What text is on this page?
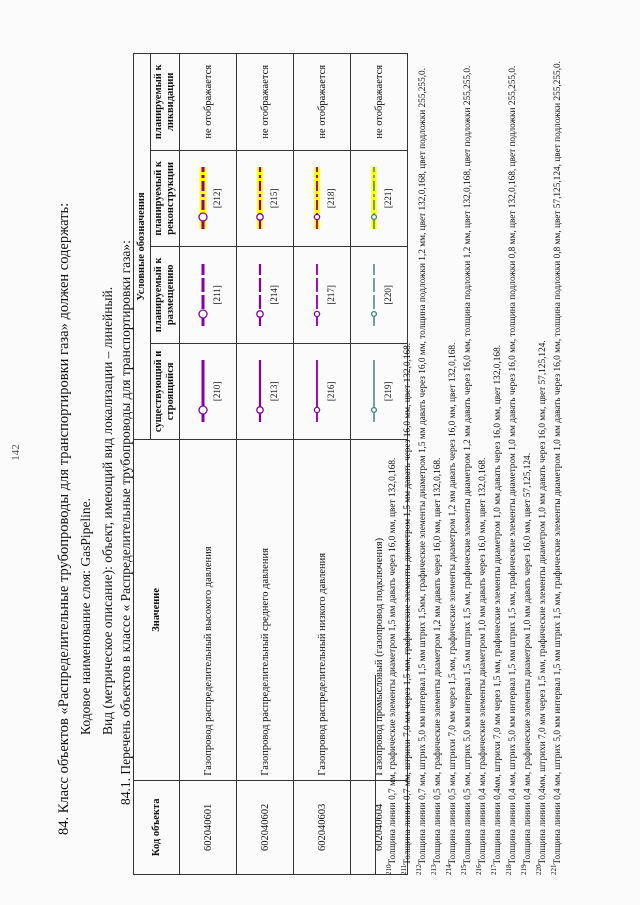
142 84. Класс объектов «Распределительные трубопроводы для транспортировки газа» должен содержать: Кодовое наименование слоя: GasPipeline. Вид (метрическое описание): объект, имеющий вид локализации – линейный. 84.1. Перечень объектов в классе « Распределительные трубопроводы для транспортировки газа»:
Код объекта	Значение	Условные обозначения			
		существующий и строящийся	планируемый к размещению	планируемый к реконструкции	планируемый к ликвидации
602040601	Газопровод распределительный высокого давления	[210]	[211]	[212]	не отображается
602040602	Газопровод распределительный среднего давления	[213]	[214]	[215]	не отображается
602040603	Газопровод распределительный низкого давления	[216]	[217]	[218]	не отображается
602040604	Газопровод промысловый (газопровод подключения)	[219]	[220]	[221]	не отображается

$^{210}$Толщина линии 0,7 мм, графические элементы диаметром 1,5 мм давать через 16,0 мм, цвет 132,0,168.

$^{211}$Толщина линии 0,7 мм, штрихи 7,0 мм через 1,5 мм, графические элементы диаметром 1,5 мм давать через 16,0 мм, цвет 132,0,168.

$^{212}$Толщина линии 0,7 мм, штрих 5,0 мм интервал 1,5 мм штрих 1,5мм, графические элементы диаметром 1,5 мм давать через 16,0 мм, толщина подложки 1,2 мм, цвет 132,0,168, цвет подложки 255,255,0.

$^{213}$Толщина линии 0,5 мм, графические элементы диаметром 1,2 мм давать через 16,0 мм, цвет 132,0,168.

$^{214}$Толщина линии 0,5 мм, штрихи 7,0 мм через 1,5 мм, графические элементы диаметром 1,2 мм давать через 16,0 мм, цвет 132,0,168.

$^{215}$Толщина линии 0,5 мм, штрих 5,0 мм интервал 1,5 мм штрих 1,5 мм, графические элементы диаметром 1,2 мм давать через 16,0 мм, толщина подложки 1,2 мм, цвет 132,0,168, цвет подложки 255,255,0.

$^{216}$Толщина линии 0,4 мм, графические элементы диаметром 1,0 мм давать через 16,0 мм, цвет 132,0,168.

$^{217}$Толщина линии 0,4мм, штрихи 7,0 мм через 1,5 мм, графические элементы диаметром 1,0 мм давать через 16,0 мм, цвет 132,0,168.

$^{218}$Толщина линии 0,4 мм, штрих 5,0 мм интервал 1,5 мм штрих 1,5 мм, графические элементы диаметром 1,0 мм давать через 16,0 мм, толщина подложки 0,8 мм, цвет 132,0,168, цвет подложки 255,255,0.

$^{219}$Толщина линии 0,4 мм, графические элементы диаметром 1,0 мм давать через 16,0 мм, цвет 57,125,124.

$^{220}$Толщина линии 0,4мм, штрихи 7,0 мм через 1,5 мм, графические элементы диаметром 1,0 мм давать через 16,0 мм, цвет 57,125,124.

$^{221}$Толщина линии 0,4 мм, штрих 5,0 мм интервал 1,5 мм штрих 1,5 мм, графические элементы диаметром 1,0 мм давать через 16,0 мм, толщина подложки 0,8 мм, цвет 57,125,124, цвет подложки 255,255,0.
